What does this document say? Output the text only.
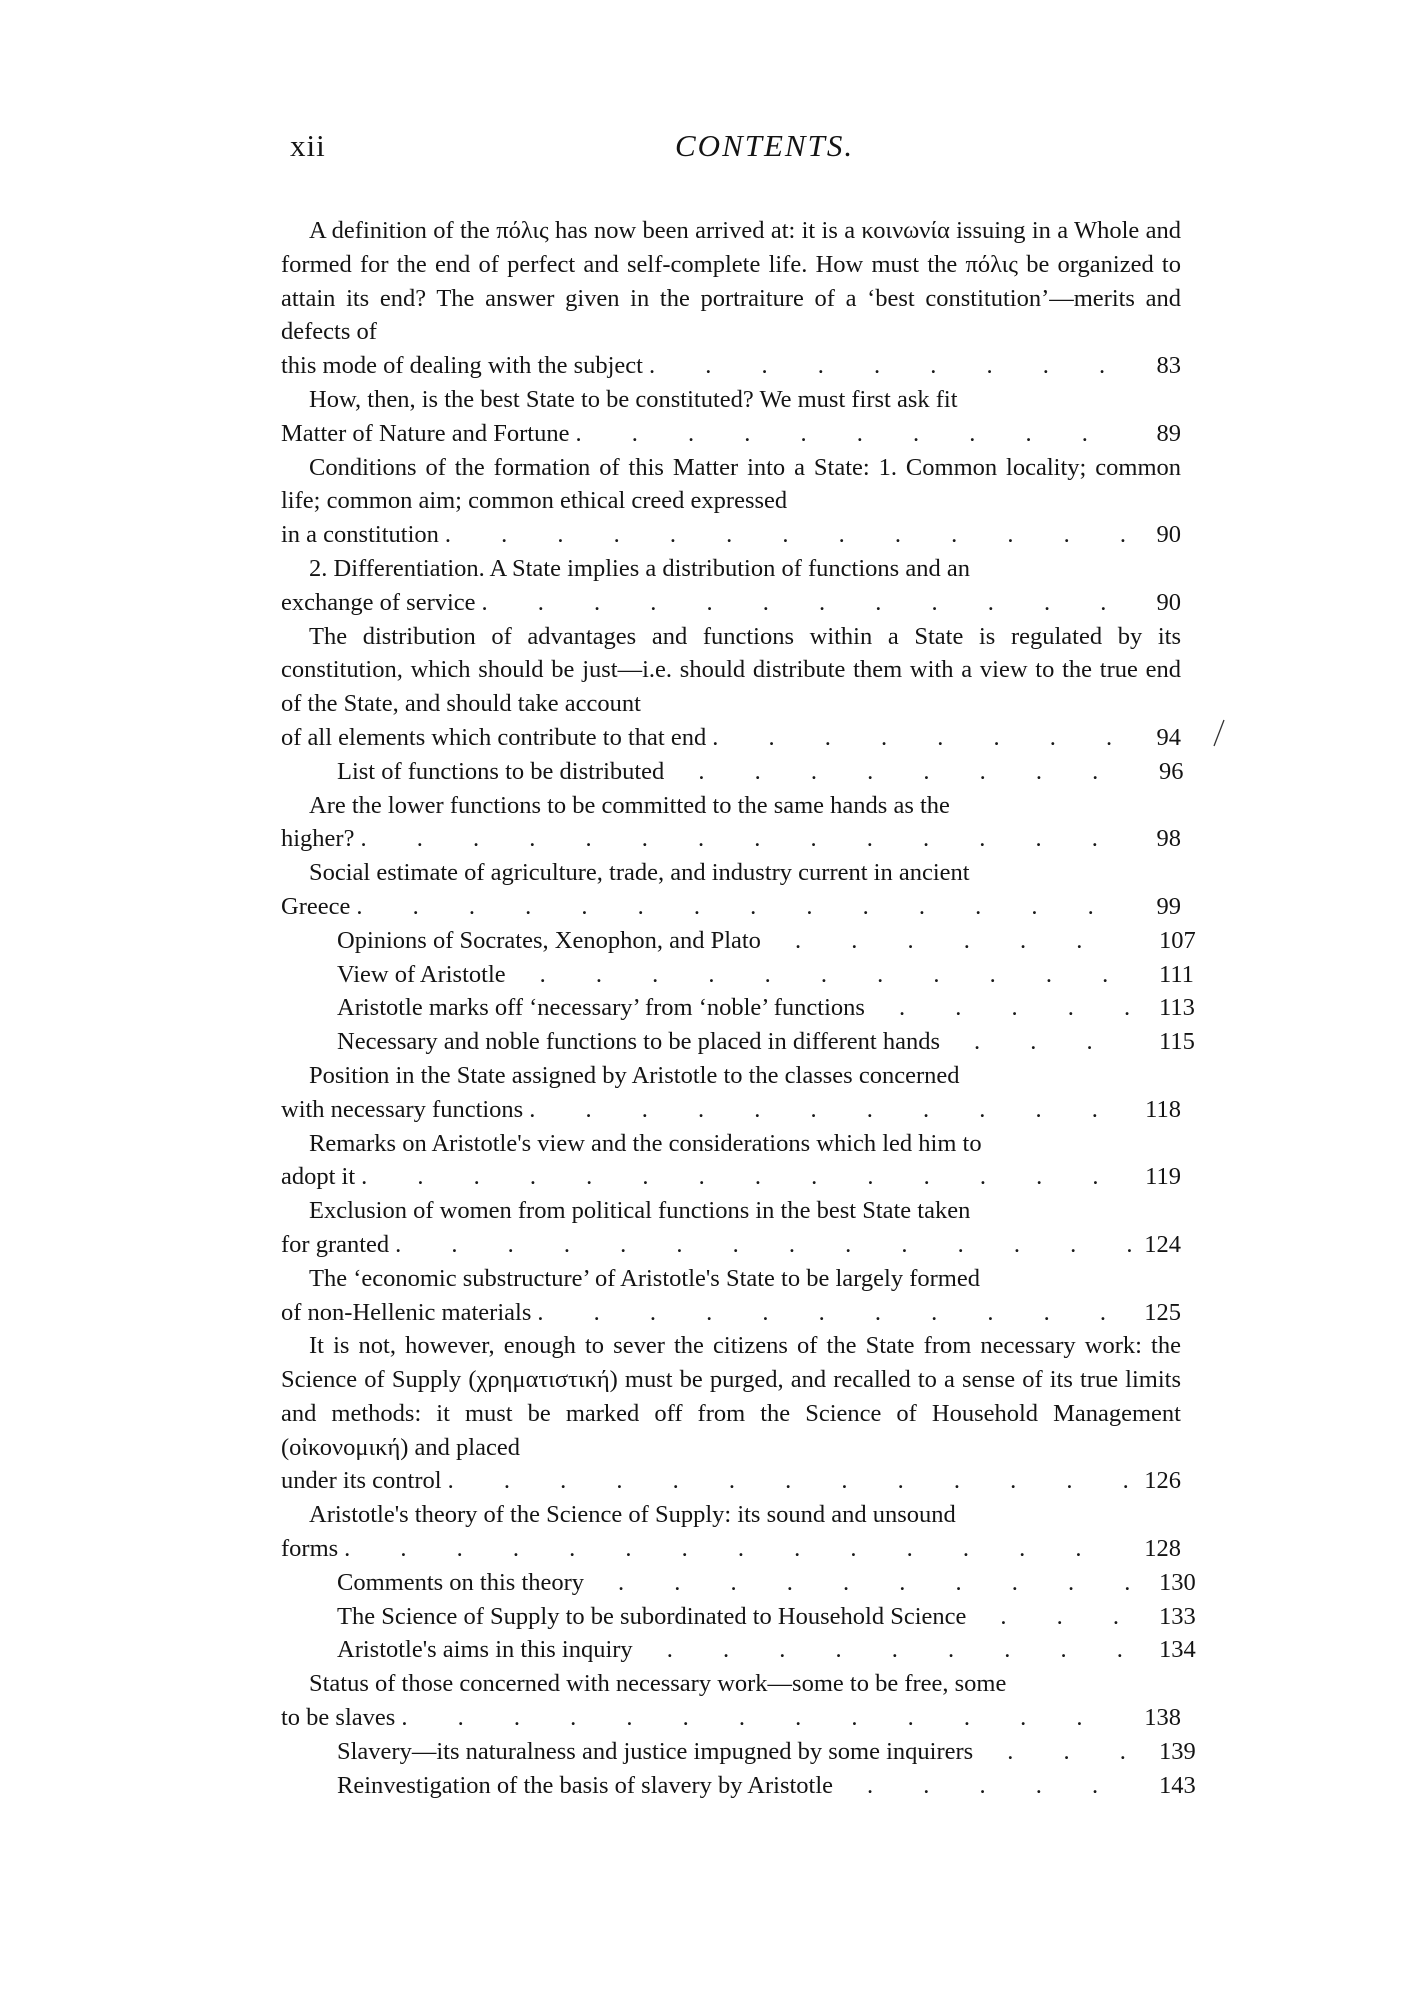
xii	CONTENTS.
A definition of the πόλις has now been arrived at: it is a κοινωνία issuing in a Whole and formed for the end of perfect and self-complete life. How must the πόλις be organized to attain its end? The answer given in the portraiture of a ‘best constitution’—merits and defects of
this mode of dealing with the subject . . .	83
How, then, is the best State to be constituted? We must first ask fit
Matter of Nature and Fortune . . .	89
Conditions of the formation of this Matter into a State: 1. Common locality; common life; common aim; common ethical creed expressed
in a constitution . . .	90
2. Differentiation. A State implies a distribution of functions and an
exchange of service . . .	90
The distribution of advantages and functions within a State is regulated by its constitution, which should be just—i.e. should distribute them with a view to the true end of the State, and should take account
of all elements which contribute to that end . . .	94
List of functions to be distributed . . .	96
Are the lower functions to be committed to the same hands as the
higher? . . .	98
Social estimate of agriculture, trade, and industry current in ancient
Greece . . .	99
Opinions of Socrates, Xenophon, and Plato . . .	107
View of Aristotle . . .	111
Aristotle marks off ‘necessary’ from ‘noble’ functions . . .	113
Necessary and noble functions to be placed in different hands . . .	115
Position in the State assigned by Aristotle to the classes concerned
with necessary functions . . .	118
Remarks on Aristotle's view and the considerations which led him to
adopt it . . .	119
Exclusion of women from political functions in the best State taken
for granted . . .	124
The ‘economic substructure’ of Aristotle's State to be largely formed
of non-Hellenic materials . . .	125
It is not, however, enough to sever the citizens of the State from necessary work: the Science of Supply (χρηματιστική) must be purged, and recalled to a sense of its true limits and methods: it must be marked off from the Science of Household Management (οἰκονομική) and placed
under its control . . .	126
Aristotle's theory of the Science of Supply: its sound and unsound
forms . . .	128
Comments on this theory . . .	130
The Science of Supply to be subordinated to Household Science . . .	133
Aristotle's aims in this inquiry . . .	134
Status of those concerned with necessary work—some to be free, some
to be slaves . . .	138
Slavery—its naturalness and justice impugned by some inquirers . . .	139
Reinvestigation of the basis of slavery by Aristotle . . .	143
